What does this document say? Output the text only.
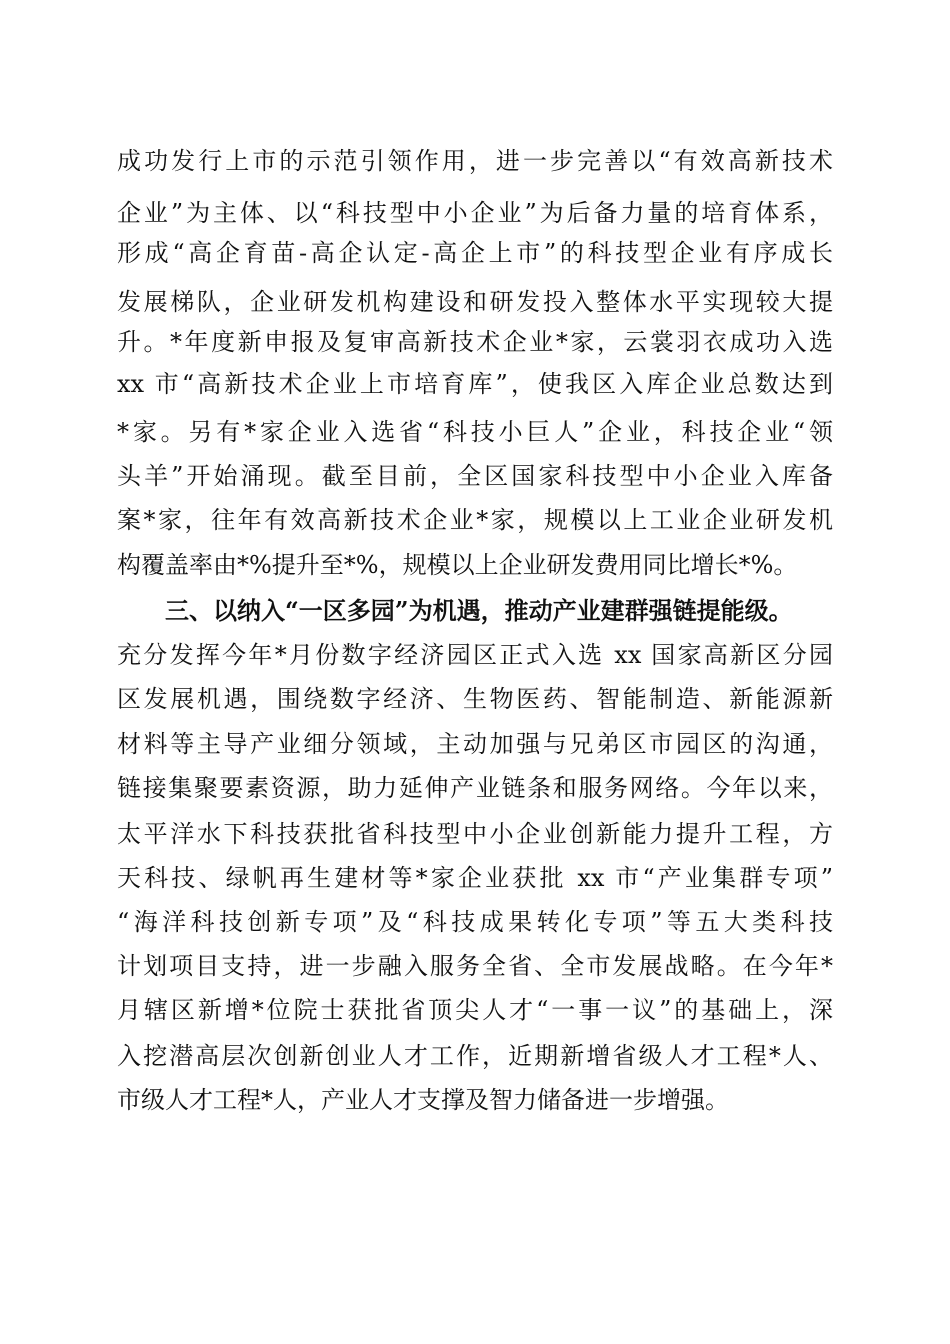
成功发行上市的示范引领作用，进一步完善以“有效高新技术
企业”为主体、以“科技型中小企业”为后备力量的培育体系，
形成“高企育苗-高企认定-高企上市”的科技型企业有序成长
发展梯队，企业研发机构建设和研发投入整体水平实现较大提
升。*年度新申报及复审高新技术企业*家，云裳羽衣成功入选
xx 市“高新技术企业上市培育库”，使我区入库企业总数达到
*家。另有*家企业入选省“科技小巨人”企业，科技企业“领
头羊”开始涌现。截至目前，全区国家科技型中小企业入库备
案*家，往年有效高新技术企业*家，规模以上工业企业研发机
构覆盖率由*%提升至*%，规模以上企业研发费用同比增长*%。
三、以纳入“一区多园”为机遇，推动产业建群强链提能级。
充分发挥今年*月份数字经济园区正式入选 xx 国家高新区分园
区发展机遇，围绕数字经济、生物医药、智能制造、新能源新
材料等主导产业细分领域，主动加强与兄弟区市园区的沟通，
链接集聚要素资源，助力延伸产业链条和服务网络。今年以来，
太平洋水下科技获批省科技型中小企业创新能力提升工程，方
天科技、绿帆再生建材等*家企业获批 xx 市“产业集群专项”
“海洋科技创新专项”及“科技成果转化专项”等五大类科技
计划项目支持，进一步融入服务全省、全市发展战略。在今年*
月辖区新增*位院士获批省顶尖人才“一事一议”的基础上，深
入挖潜高层次创新创业人才工作，近期新增省级人才工程*人、
市级人才工程*人，产业人才支撑及智力储备进一步增强。
